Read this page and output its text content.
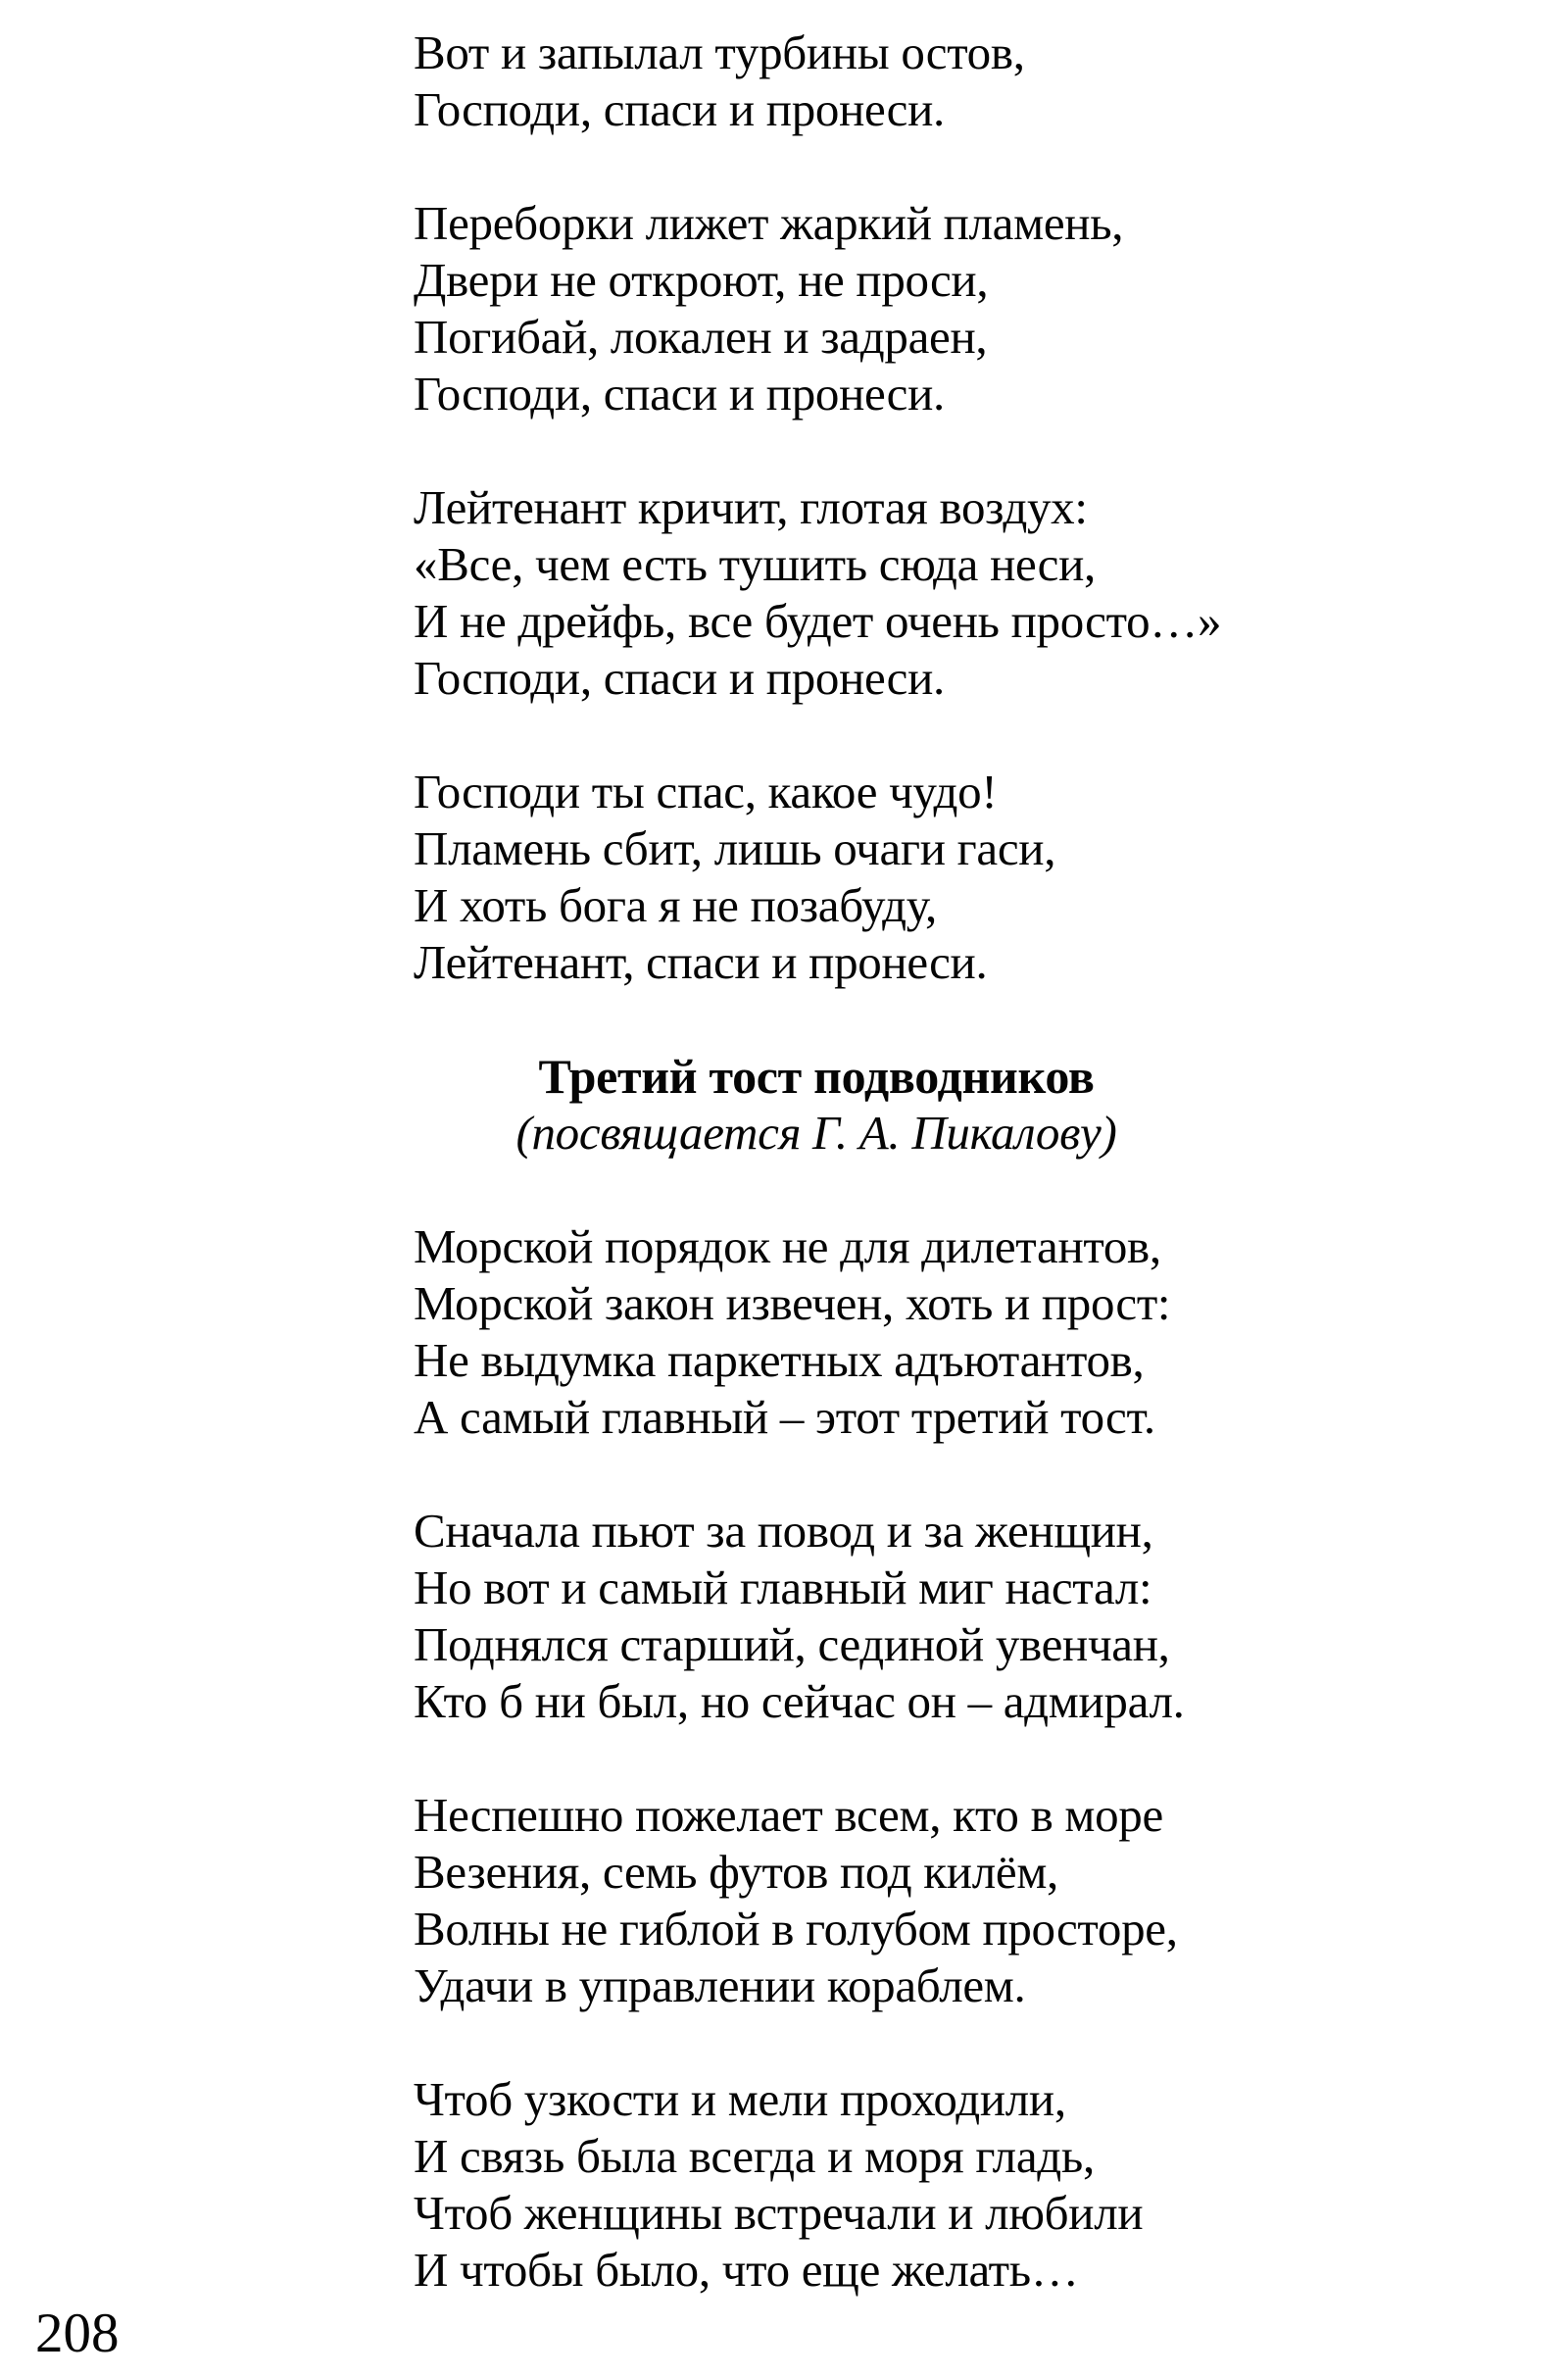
Вот и запылал турбины остов,
Господи, спаси и пронеси.
Переборки лижет жаркий пламень,
Двери не откроют, не проси,
Погибай, локален и задраен,
Господи, спаси и пронеси.
Лейтенант кричит, глотая воздух:
«Все, чем есть тушить сюда неси,
И не дрейфь, все будет очень просто…»
Господи, спаси и пронеси.
Господи ты спас, какое чудо!
Пламень сбит, лишь очаги гаси,
И хоть бога я не позабуду,
Лейтенант, спаси и пронеси.
Третий тост подводников
(посвящается Г. А. Пикалову)
Морской порядок не для дилетантов,
Морской закон извечен, хоть и прост:
Не выдумка паркетных адъютантов,
А самый главный – этот третий тост.
Сначала пьют за повод и за женщин,
Но вот и самый главный миг настал:
Поднялся старший, сединой увенчан,
Кто б ни был, но сейчас он – адмирал.
Неспешно пожелает всем, кто в море
Везения, семь футов под килём,
Волны не гиблой в голубом просторе,
Удачи в управлении кораблем.
Чтоб узкости и мели проходили,
И связь была всегда и моря гладь,
Чтоб женщины встречали и любили
И чтобы было, что еще желать…
208
